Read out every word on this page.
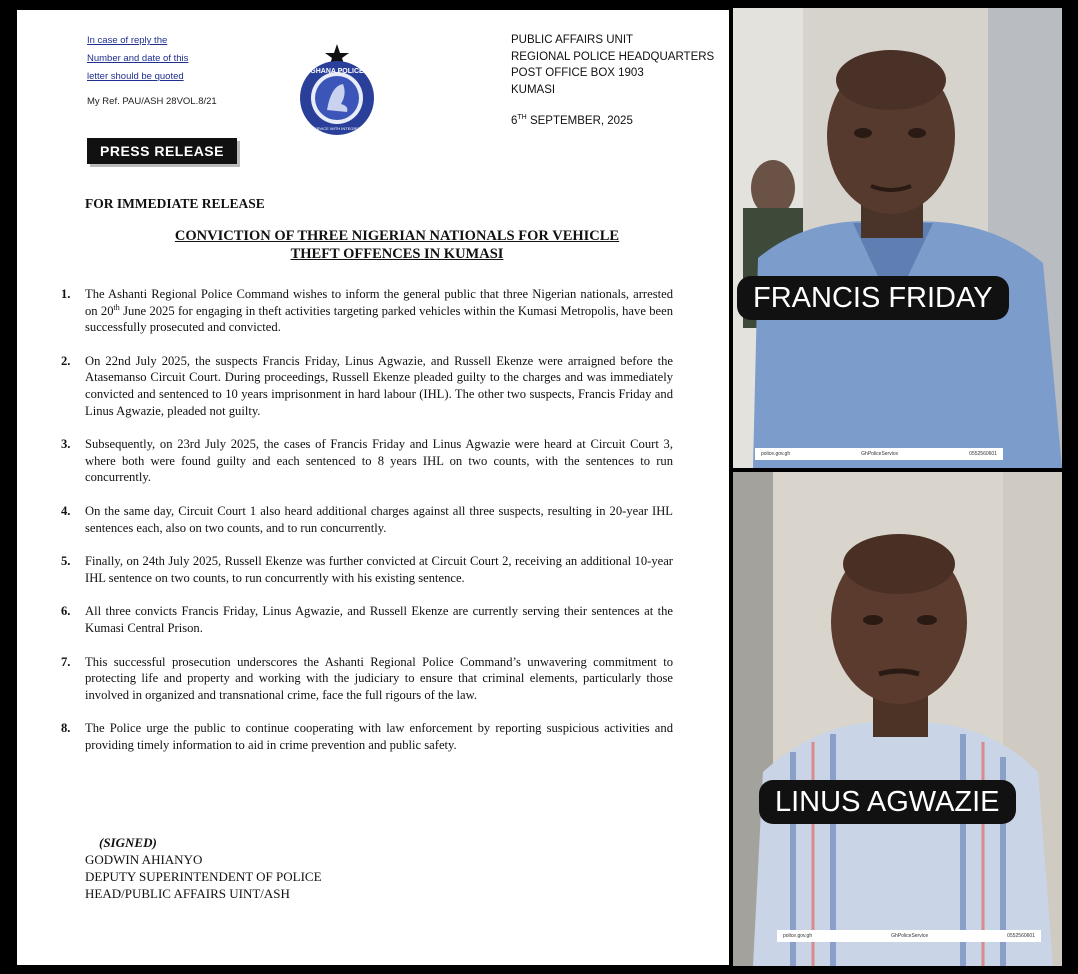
In case of reply the
Number and date of this
letter should be quoted
My Ref. PAU/ASH 28VOL.8/21
GHANA POLICE
SERVICE WITH INTEGRITY
PUBLIC AFFAIRS UNIT
REGIONAL POLICE HEADQUARTERS
POST OFFICE BOX 1903
KUMASI
6TH SEPTEMBER, 2025
PRESS RELEASE
FOR IMMEDIATE RELEASE
CONVICTION OF THREE NIGERIAN NATIONALS FOR VEHICLE
THEFT OFFENCES IN KUMASI
1. The Ashanti Regional Police Command wishes to inform the general public that three Nigerian nationals, arrested on 20th June 2025 for engaging in theft activities targeting parked vehicles within the Kumasi Metropolis, have been successfully prosecuted and convicted.
2. On 22nd July 2025, the suspects Francis Friday, Linus Agwazie, and Russell Ekenze were arraigned before the Atasemanso Circuit Court. During proceedings, Russell Ekenze pleaded guilty to the charges and was immediately convicted and sentenced to 10 years imprisonment in hard labour (IHL). The other two suspects, Francis Friday and Linus Agwazie, pleaded not guilty.
3. Subsequently, on 23rd July 2025, the cases of Francis Friday and Linus Agwazie were heard at Circuit Court 3, where both were found guilty and each sentenced to 8 years IHL on two counts, with the sentences to run concurrently.
4. On the same day, Circuit Court 1 also heard additional charges against all three suspects, resulting in 20-year IHL sentences each, also on two counts, and to run concurrently.
5. Finally, on 24th July 2025, Russell Ekenze was further convicted at Circuit Court 2, receiving an additional 10-year IHL sentence on two counts, to run concurrently with his existing sentence.
6. All three convicts Francis Friday, Linus Agwazie, and Russell Ekenze are currently serving their sentences at the Kumasi Central Prison.
7. This successful prosecution underscores the Ashanti Regional Police Command’s unwavering commitment to protecting life and property and working with the judiciary to ensure that criminal elements, particularly those involved in organized and transnational crime, face the full rigours of the law.
8. The Police urge the public to continue cooperating with law enforcement by reporting suspicious activities and providing timely information to aid in crime prevention and public safety.
(SIGNED)
GODWIN AHIANYO
DEPUTY SUPERINTENDENT OF POLICE
HEAD/PUBLIC AFFAIRS UINT/ASH
FRANCIS FRIDAY
police.gov.gh	GhPoliceService	0552560601
LINUS AGWAZIE
police.gov.gh	GhPoliceService	0552560601
